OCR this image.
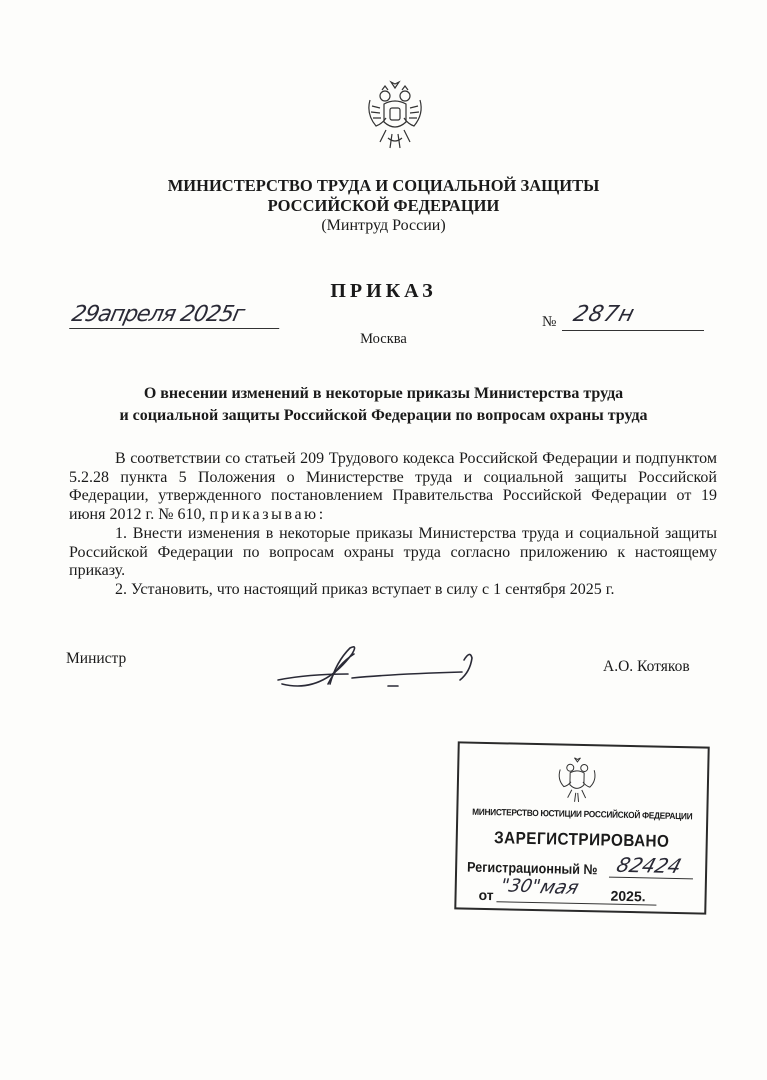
МИНИСТЕРСТВО ТРУДА И СОЦИАЛЬНОЙ ЗАЩИТЫ
РОССИЙСКОЙ ФЕДЕРАЦИИ
(Минтруд России)
ПРИКАЗ
29апреля 2025г	№ 287н
Москва
О внесении изменений в некоторые приказы Министерства труда
и социальной защиты Российской Федерации по вопросам охраны труда

В соответствии со статьей 209 Трудового кодекса Российской Федерации и подпунктом 5.2.28 пункта 5 Положения о Министерстве труда и социальной защиты Российской Федерации, утвержденного постановлением Правительства Российской Федерации от 19 июня 2012 г. № 610, приказываю:

1. Внести изменения в некоторые приказы Министерства труда и социальной защиты Российской Федерации по вопросам охраны труда согласно приложению к настоящему приказу.

2. Установить, что настоящий приказ вступает в силу с 1 сентября 2025 г.

Министр	А.О. Котяков
МИНИСТЕРСТВО ЮСТИЦИИ РОССИЙСКОЙ ФЕДЕРАЦИИ
ЗАРЕГИСТРИРОВАНО
Регистрационный № 82424
от "30"
мая 2025.
